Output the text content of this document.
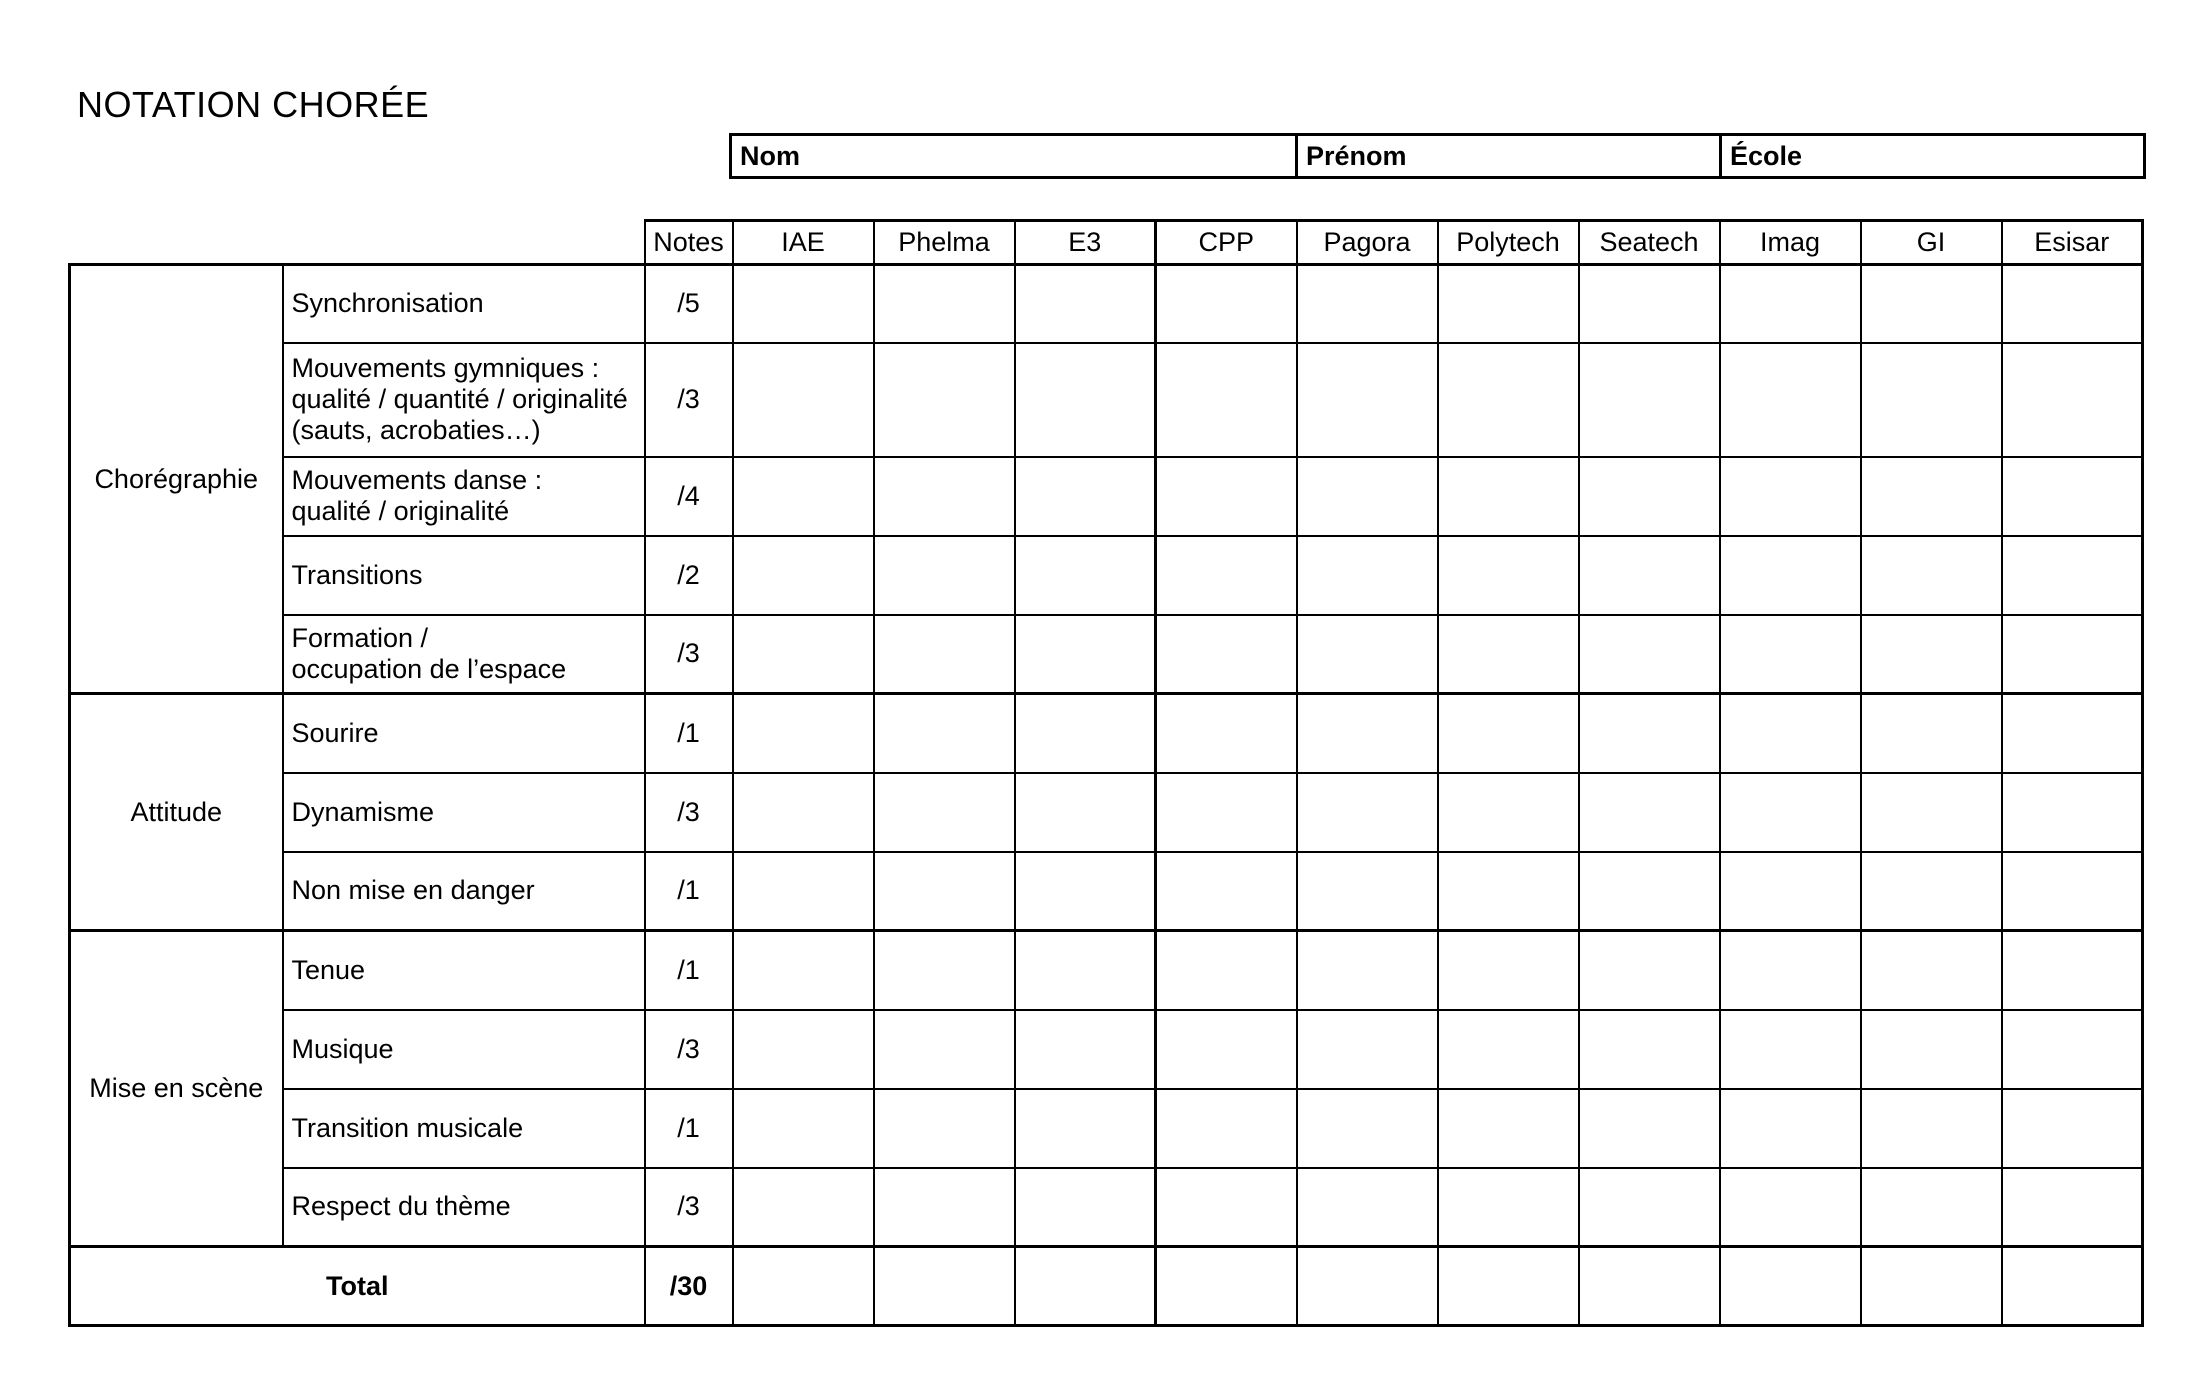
NOTATION CHORÉE
Nom	Prénom	École
		Notes	IAE	Phelma	E3	CPP	Pagora	Polytech	Seatech	Imag	GI	Esisar
Chorégraphie	Synchronisation	/5										
	Mouvements gymniques :
qualité / quantité / originalité
(sauts, acrobaties…)	/3										
	Mouvements danse :
qualité / originalité	/4										
	Transitions	/2										
	Formation /
occupation de l’espace	/3										
Attitude	Sourire	/1										
	Dynamisme	/3										
	Non mise en danger	/1										
Mise en scène	Tenue	/1										
	Musique	/3										
	Transition musicale	/1										
	Respect du thème	/3										
Total		/30										
